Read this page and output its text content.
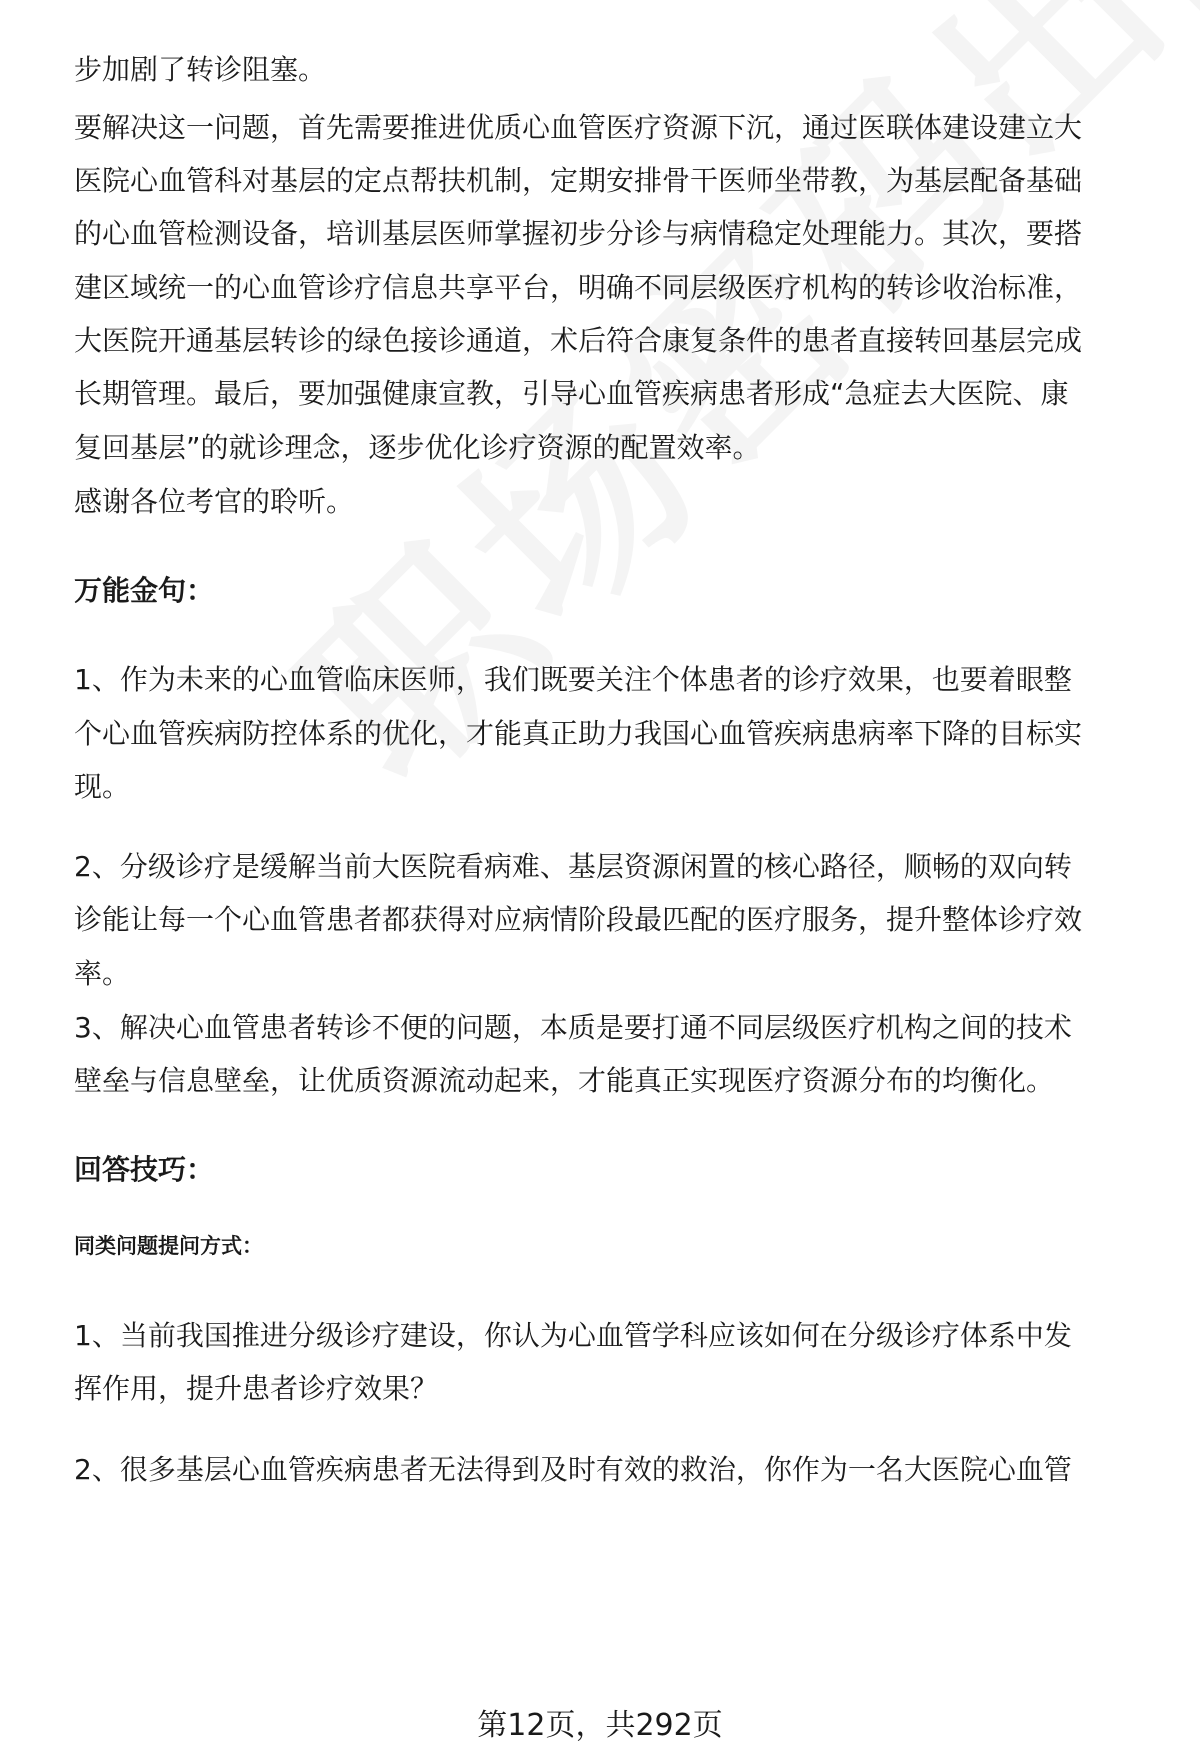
步加剧了转诊阻塞。
要解决这一问题，首先需要推进优质心血管医疗资源下沉，通过医联体建设建立大
医院心血管科对基层的定点帮扶机制，定期安排骨干医师坐带教，为基层配备基础
的心血管检测设备，培训基层医师掌握初步分诊与病情稳定处理能力。其次，要搭
建区域统一的心血管诊疗信息共享平台，明确不同层级医疗机构的转诊收治标准，
大医院开通基层转诊的绿色接诊通道，术后符合康复条件的患者直接转回基层完成
长期管理。最后，要加强健康宣教，引导心血管疾病患者形成“急症去大医院、康
复回基层”的就诊理念，逐步优化诊疗资源的配置效率。
感谢各位考官的聆听。
万能金句：
1、作为未来的心血管临床医师，我们既要关注个体患者的诊疗效果，也要着眼整
个心血管疾病防控体系的优化，才能真正助力我国心血管疾病患病率下降的目标实
现。
2、分级诊疗是缓解当前大医院看病难、基层资源闲置的核心路径，顺畅的双向转
诊能让每一个心血管患者都获得对应病情阶段最匹配的医疗服务，提升整体诊疗效
率。
3、解决心血管患者转诊不便的问题，本质是要打通不同层级医疗机构之间的技术
壁垒与信息壁垒，让优质资源流动起来，才能真正实现医疗资源分布的均衡化。
回答技巧：
同类问题提问方式：
1、当前我国推进分级诊疗建设，你认为心血管学科应该如何在分级诊疗体系中发
挥作用，提升患者诊疗效果？
2、很多基层心血管疾病患者无法得到及时有效的救治，你作为一名大医院心血管
第12页，共292页
